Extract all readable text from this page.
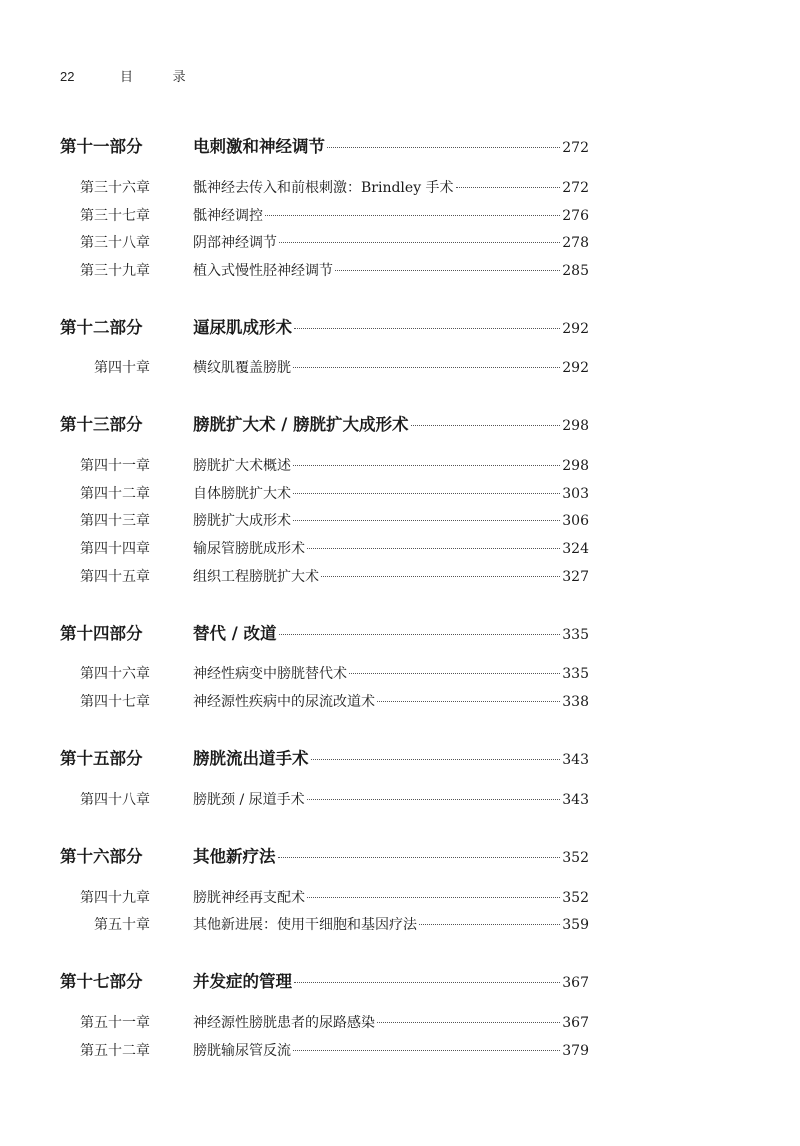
22	目 录
第十一部分	电刺激和神经调节	272
第三十六章	骶神经去传入和前根刺激：Brindley 手术	272
第三十七章	骶神经调控	276
第三十八章	阴部神经调节	278
第三十九章	植入式慢性胫神经调节	285
第十二部分	逼尿肌成形术	292
第四十章	横纹肌覆盖膀胱	292
第十三部分	膀胱扩大术 / 膀胱扩大成形术	298
第四十一章	膀胱扩大术概述	298
第四十二章	自体膀胱扩大术	303
第四十三章	膀胱扩大成形术	306
第四十四章	输尿管膀胱成形术	324
第四十五章	组织工程膀胱扩大术	327
第十四部分	替代 / 改道	335
第四十六章	神经性病变中膀胱替代术	335
第四十七章	神经源性疾病中的尿流改道术	338
第十五部分	膀胱流出道手术	343
第四十八章	膀胱颈 / 尿道手术	343
第十六部分	其他新疗法	352
第四十九章	膀胱神经再支配术	352
第五十章	其他新进展：使用干细胞和基因疗法	359
第十七部分	并发症的管理	367
第五十一章	神经源性膀胱患者的尿路感染	367
第五十二章	膀胱输尿管反流	379
